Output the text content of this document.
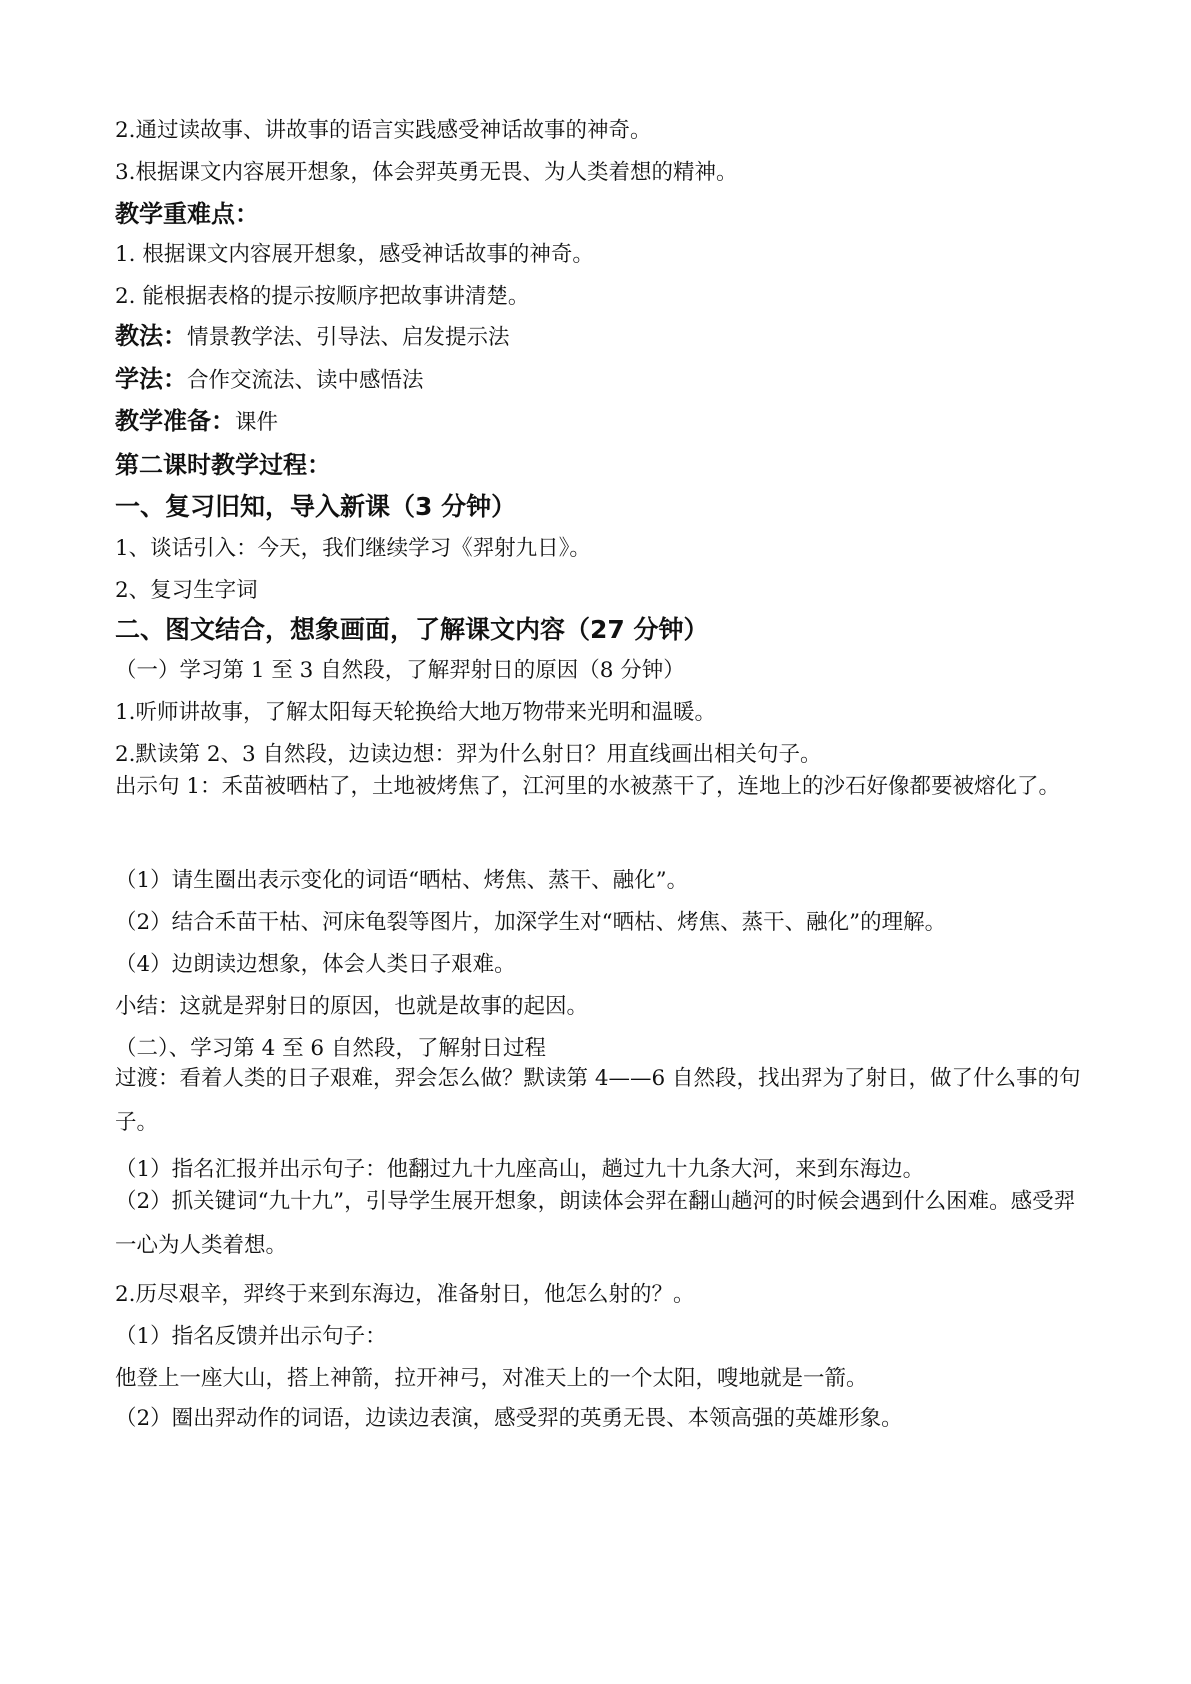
2.通过读故事、讲故事的语言实践感受神话故事的神奇。
3.根据课文内容展开想象，体会羿英勇无畏、为人类着想的精神。
教学重难点：
1. 根据课文内容展开想象，感受神话故事的神奇。
2. 能根据表格的提示按顺序把故事讲清楚。
教法：情景教学法、引导法、启发提示法
学法：合作交流法、读中感悟法
教学准备：课件
第二课时教学过程：
一、复习旧知，导入新课（3 分钟）
1、谈话引入：今天，我们继续学习《羿射九日》。
2、复习生字词
二、图文结合，想象画面，了解课文内容（27 分钟）
（一）学习第 1 至 3 自然段，了解羿射日的原因（8 分钟）
1.听师讲故事，了解太阳每天轮换给大地万物带来光明和温暖。
2.默读第 2、3 自然段，边读边想：羿为什么射日？用直线画出相关句子。
出示句 1：禾苗被晒枯了，土地被烤焦了，江河里的水被蒸干了，连地上的沙石好像都要被熔化了。
（1）请生圈出表示变化的词语“晒枯、烤焦、蒸干、融化”。
（2）结合禾苗干枯、河床龟裂等图片，加深学生对“晒枯、烤焦、蒸干、融化”的理解。
（4）边朗读边想象，体会人类日子艰难。
小结：这就是羿射日的原因，也就是故事的起因。
（二）、学习第 4 至 6 自然段，了解射日过程
过渡：看着人类的日子艰难，羿会怎么做？默读第 4——6 自然段，找出羿为了射日，做了什么事的句子。
（1）指名汇报并出示句子：他翻过九十九座高山，趟过九十九条大河，来到东海边。
（2）抓关键词“九十九”，引导学生展开想象，朗读体会羿在翻山趟河的时候会遇到什么困难。感受羿一心为人类着想。
2.历尽艰辛，羿终于来到东海边，准备射日，他怎么射的？。
（1）指名反馈并出示句子：
他登上一座大山，搭上神箭，拉开神弓，对准天上的一个太阳，嗖地就是一箭。
（2）圈出羿动作的词语，边读边表演，感受羿的英勇无畏、本领高强的英雄形象。
